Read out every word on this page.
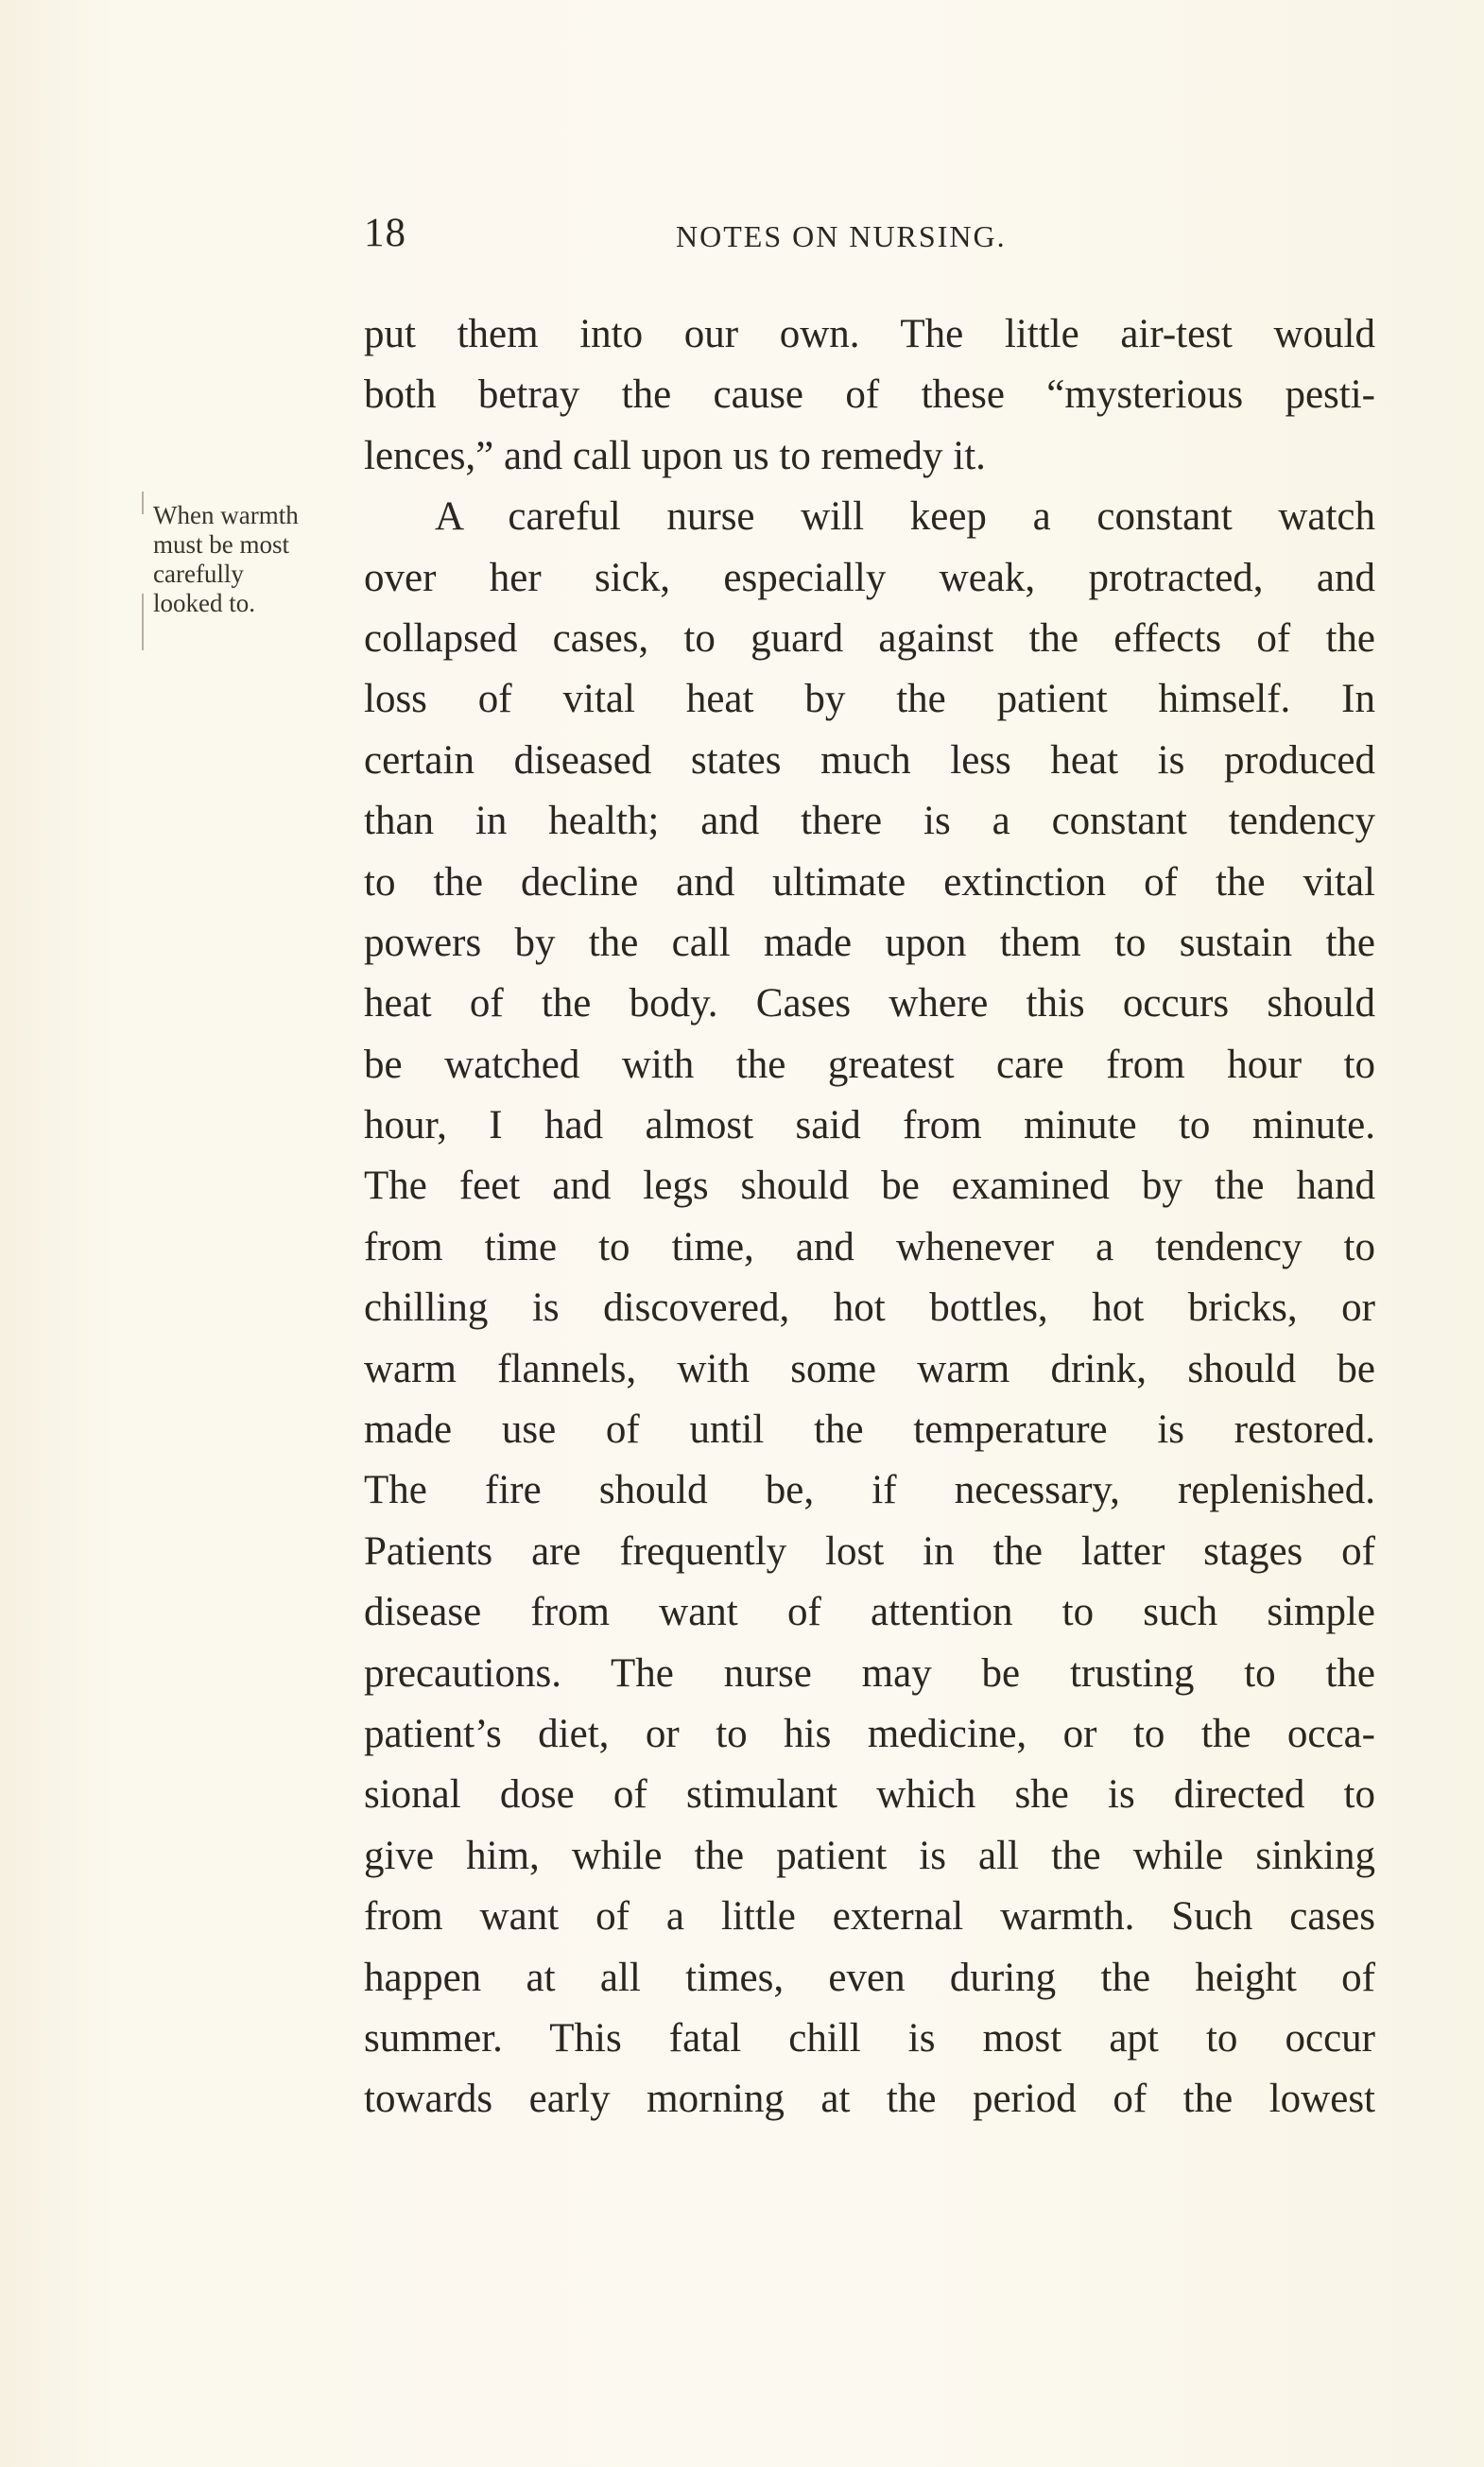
18	NOTES ON NURSING.
When warmth
must be most
carefully
looked to.
put them into our own. The little air-test would
both betray the cause of these “mysterious pesti-
lences,” and call upon us to remedy it.
A careful nurse will keep a constant watch
over her sick, especially weak, protracted, and
collapsed cases, to guard against the effects of the
loss of vital heat by the patient himself. In
certain diseased states much less heat is produced
than in health; and there is a constant tendency
to the decline and ultimate extinction of the vital
powers by the call made upon them to sustain the
heat of the body. Cases where this occurs should
be watched with the greatest care from hour to
hour, I had almost said from minute to minute.
The feet and legs should be examined by the hand
from time to time, and whenever a tendency to
chilling is discovered, hot bottles, hot bricks, or
warm flannels, with some warm drink, should be
made use of until the temperature is restored.
The fire should be, if necessary, replenished.
Patients are frequently lost in the latter stages of
disease from want of attention to such simple
precautions. The nurse may be trusting to the
patient’s diet, or to his medicine, or to the occa-
sional dose of stimulant which she is directed to
give him, while the patient is all the while sinking
from want of a little external warmth. Such cases
happen at all times, even during the height of
summer. This fatal chill is most apt to occur
towards early morning at the period of the lowest
